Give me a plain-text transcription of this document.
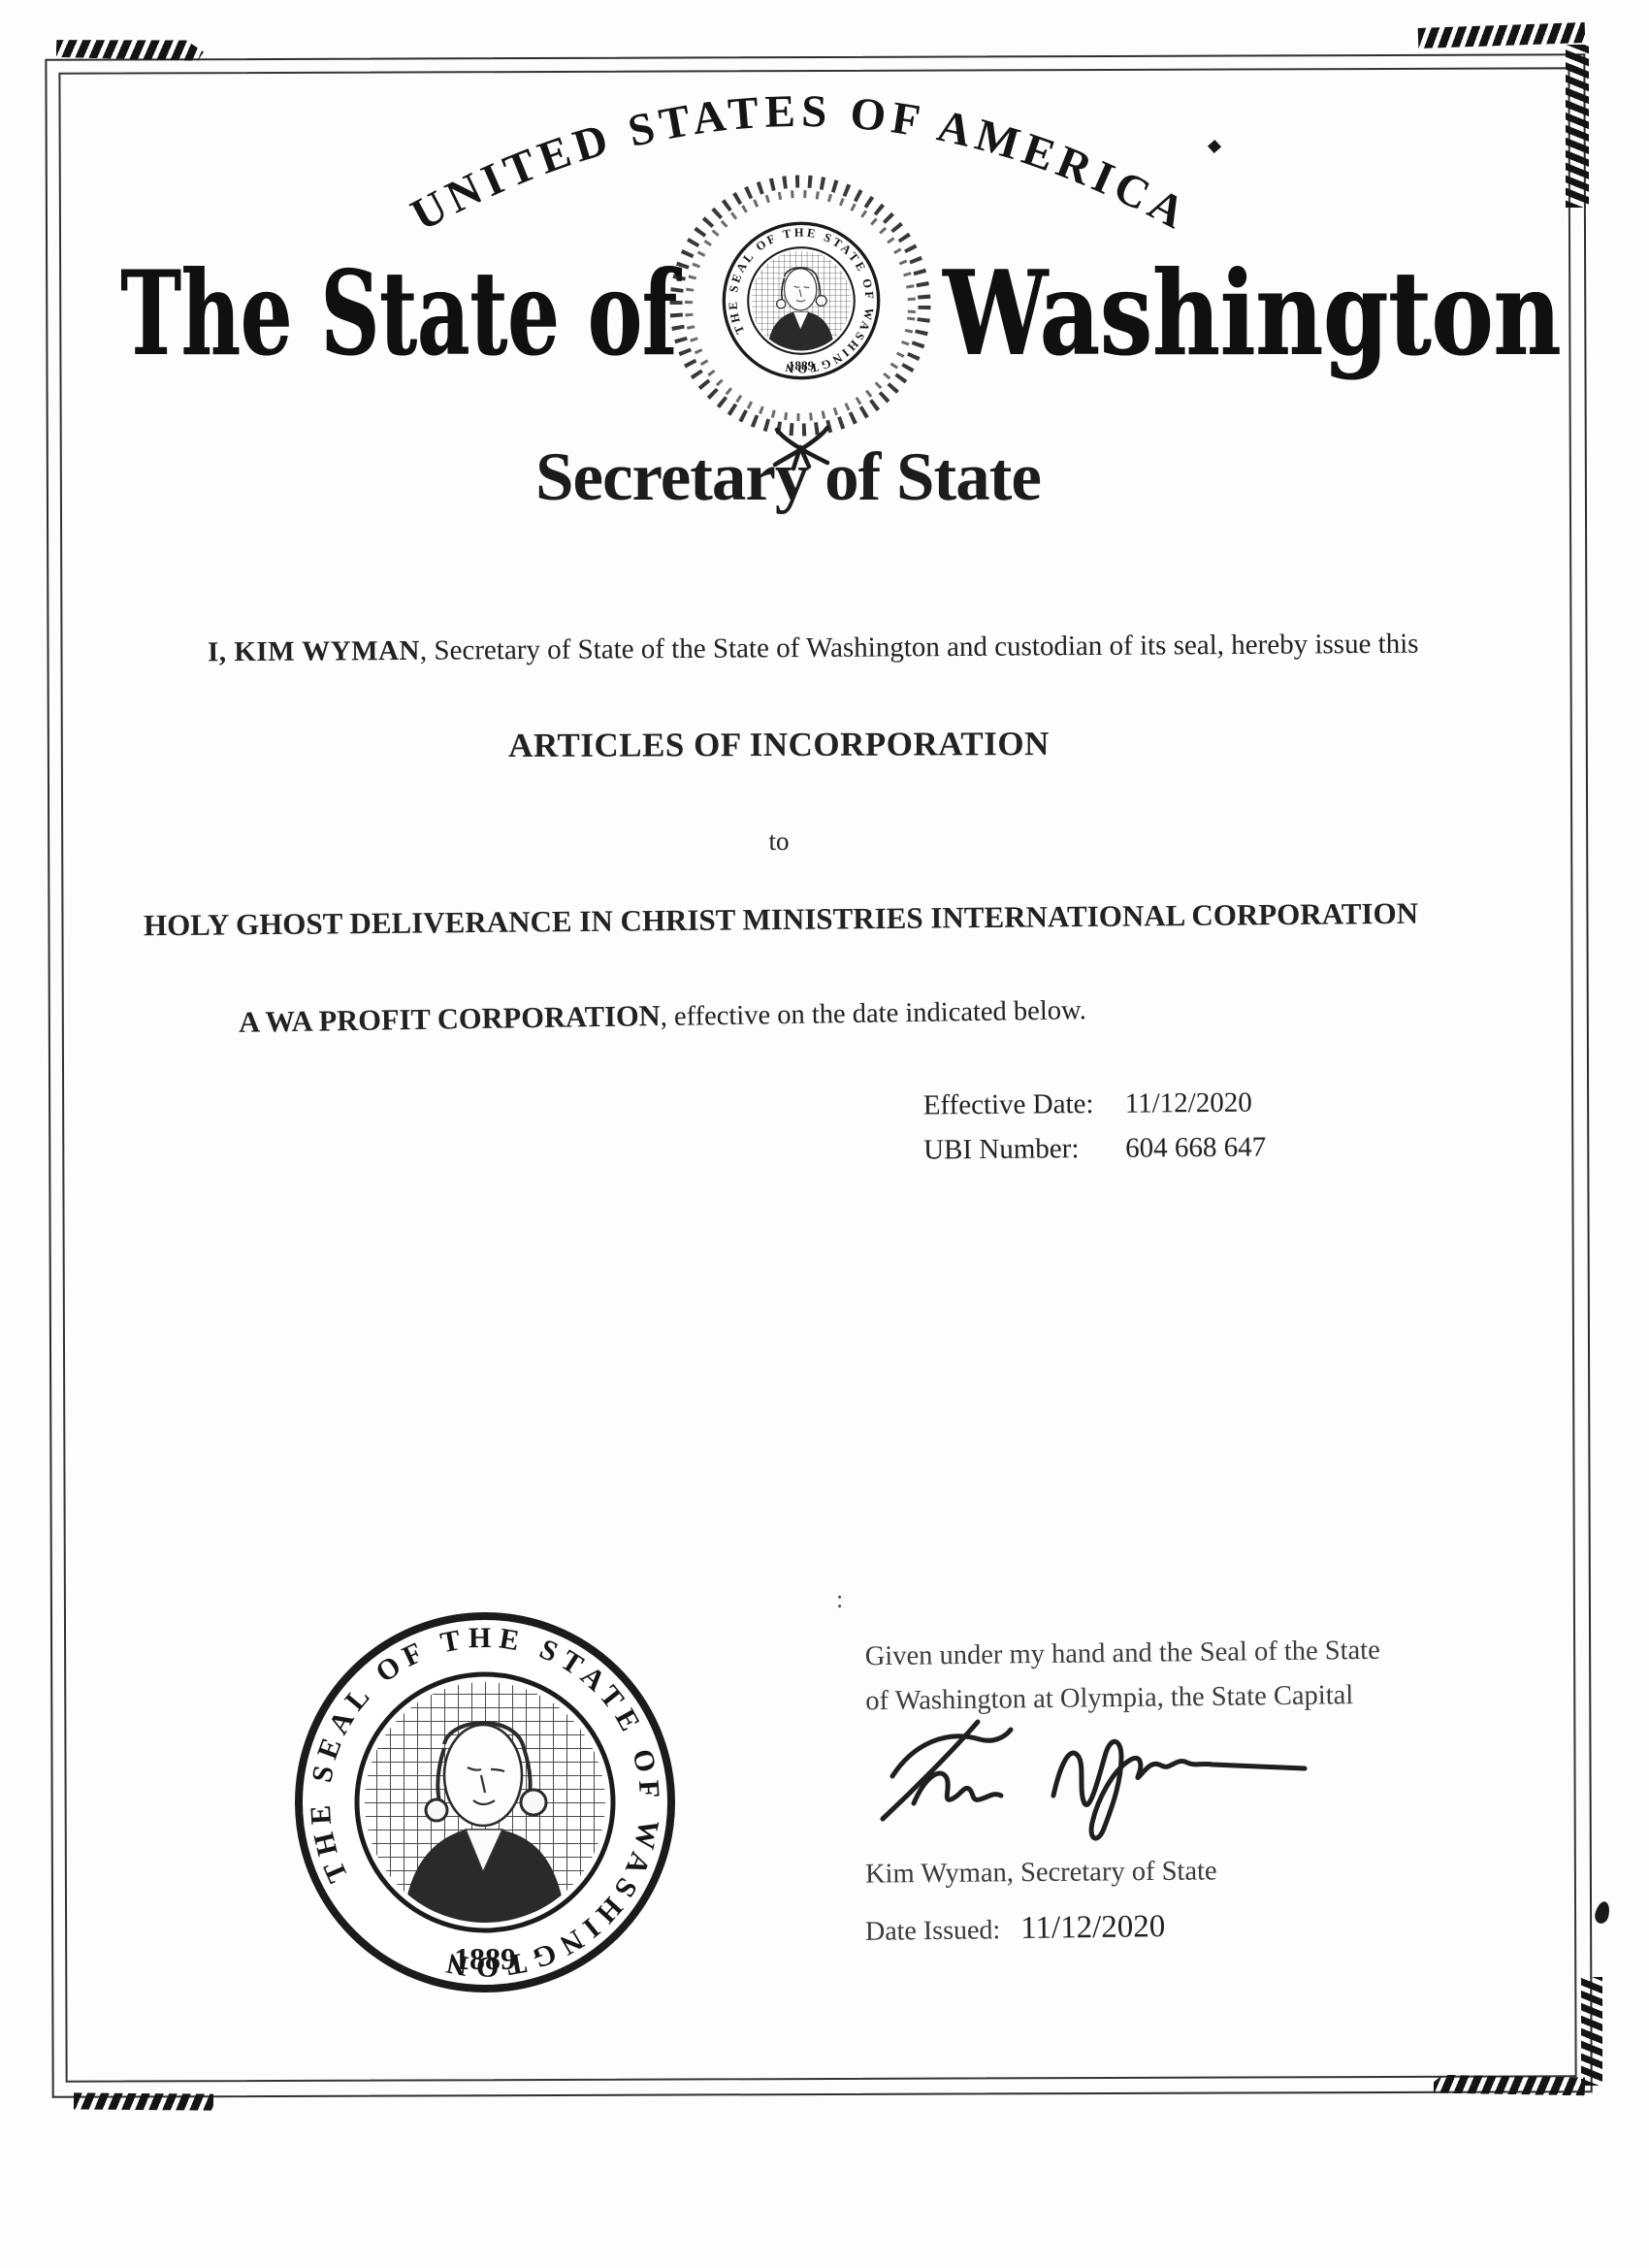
UNITED STATES OF AMERICA
The State of Washington
Secretary of State
I, KIM WYMAN, Secretary of State of the State of Washington and custodian of its seal, hereby issue this
ARTICLES OF INCORPORATION
to
HOLY GHOST DELIVERANCE IN CHRIST MINISTRIES INTERNATIONAL CORPORATION
A WA PROFIT CORPORATION, effective on the date indicated below.
Effective Date:	11/12/2020
UBI Number:	604 668 647
:
Given under my hand and the Seal of the State
of Washington at Olympia, the State Capital
Kim Wyman, Secretary of State
Date Issued: 11/12/2020
